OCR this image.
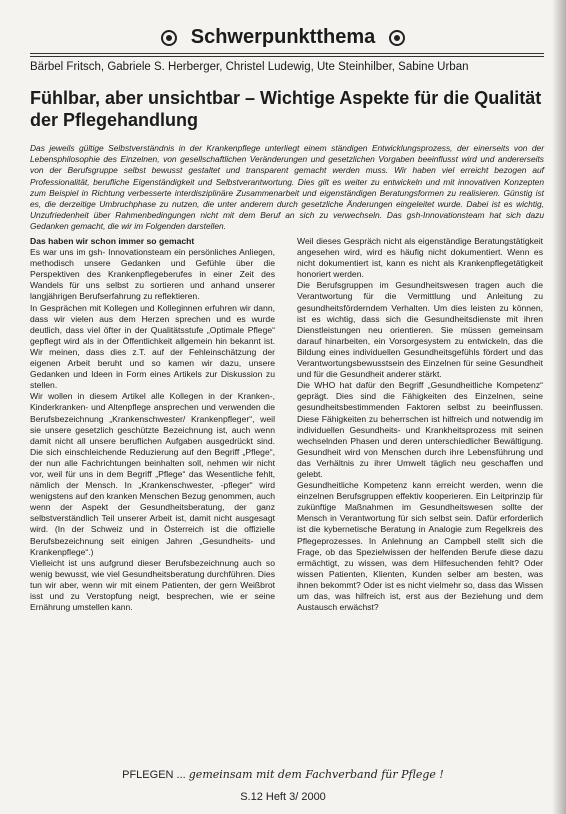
Schwerpunktthema
Bärbel Fritsch, Gabriele S. Herberger, Christel Ludewig, Ute Steinhilber, Sabine Urban
Fühlbar, aber unsichtbar – Wichtige Aspekte für die Qualität der Pflegehandlung

Das jeweils gültige Selbstverständnis in der Krankenpflege unterliegt einem ständigen Entwicklungsprozess, der einerseits von der Lebensphilosophie des Einzelnen, von gesellschaftlichen Veränderungen und gesetzlichen Vorgaben beeinflusst wird und andererseits von der Berufsgruppe selbst bewusst gestaltet und transparent gemacht werden muss. Wir haben viel erreicht bezogen auf Professionalität, berufliche Eigenständigkeit und Selbstverantwortung. Dies gilt es weiter zu entwickeln und mit innovativen Konzepten zum Beispiel in Richtung verbesserte interdisziplinäre Zusammenarbeit und eigenständigen Beratungsformen zu realisieren. Günstig ist es, die derzeitige Umbruchphase zu nutzen, die unter anderem durch gesetzliche Änderungen eingeleitet wurde. Dabei ist es wichtig, Unzufriedenheit über Rahmenbedingungen nicht mit dem Beruf an sich zu verwechseln. Das gsh-Innovationsteam hat sich dazu Gedanken gemacht, die wir im Folgenden darstellen.

Das haben wir schon immer so gemacht

Es war uns im gsh- Innovationsteam ein persönliches Anliegen, methodisch unsere Gedanken und Gefühle über die Perspektiven des Krankenpflegeberufes in einer Zeit des Wandels für uns selbst zu sortieren und anhand unserer langjährigen Berufserfahrung zu reflektieren.

In Gesprächen mit Kollegen und Kolleginnen erfuhren wir dann, dass wir vielen aus dem Herzen sprechen und es wurde deutlich, dass viel öfter in der Qualitätsstufe „Optimale Pflege“ gepflegt wird als in der Öffentlichkeit allgemein hin bekannt ist. Wir meinen, dass dies z.T. auf der Fehleinschätzung der eigenen Arbeit beruht und so kamen wir dazu, unsere Gedanken und Ideen in Form eines Artikels zur Diskussion zu stellen.

Wir wollen in diesem Artikel alle Kollegen in der Kranken-, Kinderkranken- und Altenpflege ansprechen und verwenden die Berufsbezeichnung „Krankenschwester/ Krankenpfleger“, weil sie unsere gesetzlich geschützte Bezeichnung ist, auch wenn damit nicht all unsere beruflichen Aufgaben ausgedrückt sind. Die sich einschleichende Reduzierung auf den Begriff „Pflege“, der nun alle Fachrichtungen beinhalten soll, nehmen wir nicht vor, weil für uns in dem Begriff „Pflege“ das Wesentliche fehlt, nämlich der Mensch. In „Krankenschwester, -pfleger“ wird wenigstens auf den kranken Menschen Bezug genommen, auch wenn der Aspekt der Gesundheitsberatung, der ganz selbstverständlich Teil unserer Arbeit ist, damit nicht ausgesagt wird. (In der Schweiz und in Österreich ist die offizielle Berufsbezeichnung seit einigen Jahren „Gesundheits- und Krankenpflege“.)

Vielleicht ist uns aufgrund dieser Berufsbezeichnung auch so wenig bewusst, wie viel Gesundheitsberatung durchführen. Dies tun wir aber, wenn wir mit einem Patienten, der gern Weißbrot isst und zu Verstopfung neigt, besprechen, wie er seine Ernährung umstellen kann.

Weil dieses Gespräch nicht als eigenständige Beratungstätigkeit angesehen wird, wird es häufig nicht dokumentiert. Wenn es nicht dokumentiert ist, kann es nicht als Krankenpflegetätigkeit honoriert werden.

Die Berufsgruppen im Gesundheitswesen tragen auch die Verantwortung für die Vermittlung und Anleitung zu gesundheitsförderndem Verhalten. Um dies leisten zu können, ist es wichtig, dass sich die Gesundheitsdienste mit ihren Dienstleistungen neu orientieren. Sie müssen gemeinsam darauf hinarbeiten, ein Vorsorgesystem zu entwickeln, das die Bildung eines individuellen Gesundheitsgefühls fördert und das Verantwortungsbewusstsein des Einzelnen für seine Gesundheit und für die Gesundheit anderer stärkt.

Die WHO hat dafür den Begriff „Gesundheitliche Kompetenz“ geprägt. Dies sind die Fähigkeiten des Einzelnen, seine gesundheitsbestimmenden Faktoren selbst zu beeinflussen. Diese Fähigkeiten zu beherrschen ist hilfreich und notwendig im individuellen Gesundheits- und Krankheitsprozess mit seinen wechselnden Phasen und deren unterschiedlicher Bewältigung. Gesundheit wird von Menschen durch ihre Lebensführung und das Verhältnis zu ihrer Umwelt täglich neu geschaffen und gelebt.

Gesundheitliche Kompetenz kann erreicht werden, wenn die einzelnen Berufsgruppen effektiv kooperieren. Ein Leitprinzip für zukünftige Maßnahmen im Gesundheitswesen sollte der Mensch in Verantwortung für sich selbst sein. Dafür erforderlich ist die kybernetische Beratung in Analogie zum Regelkreis des Pflegeprozesses. In Anlehnung an Campbell stellt sich die Frage, ob das Spezielwissen der helfenden Berufe diese dazu ermächtigt, zu wissen, was dem Hilfesuchenden fehlt? Oder wissen Patienten, Klienten, Kunden selber am besten, was ihnen bekommt? Oder ist es nicht vielmehr so, dass das Wissen um das, was hilfreich ist, erst aus der Beziehung und dem Austausch erwächst?

PFLEGEN ... gemeinsam mit dem Fachverband für Pflege !
S.12 Heft 3/ 2000
